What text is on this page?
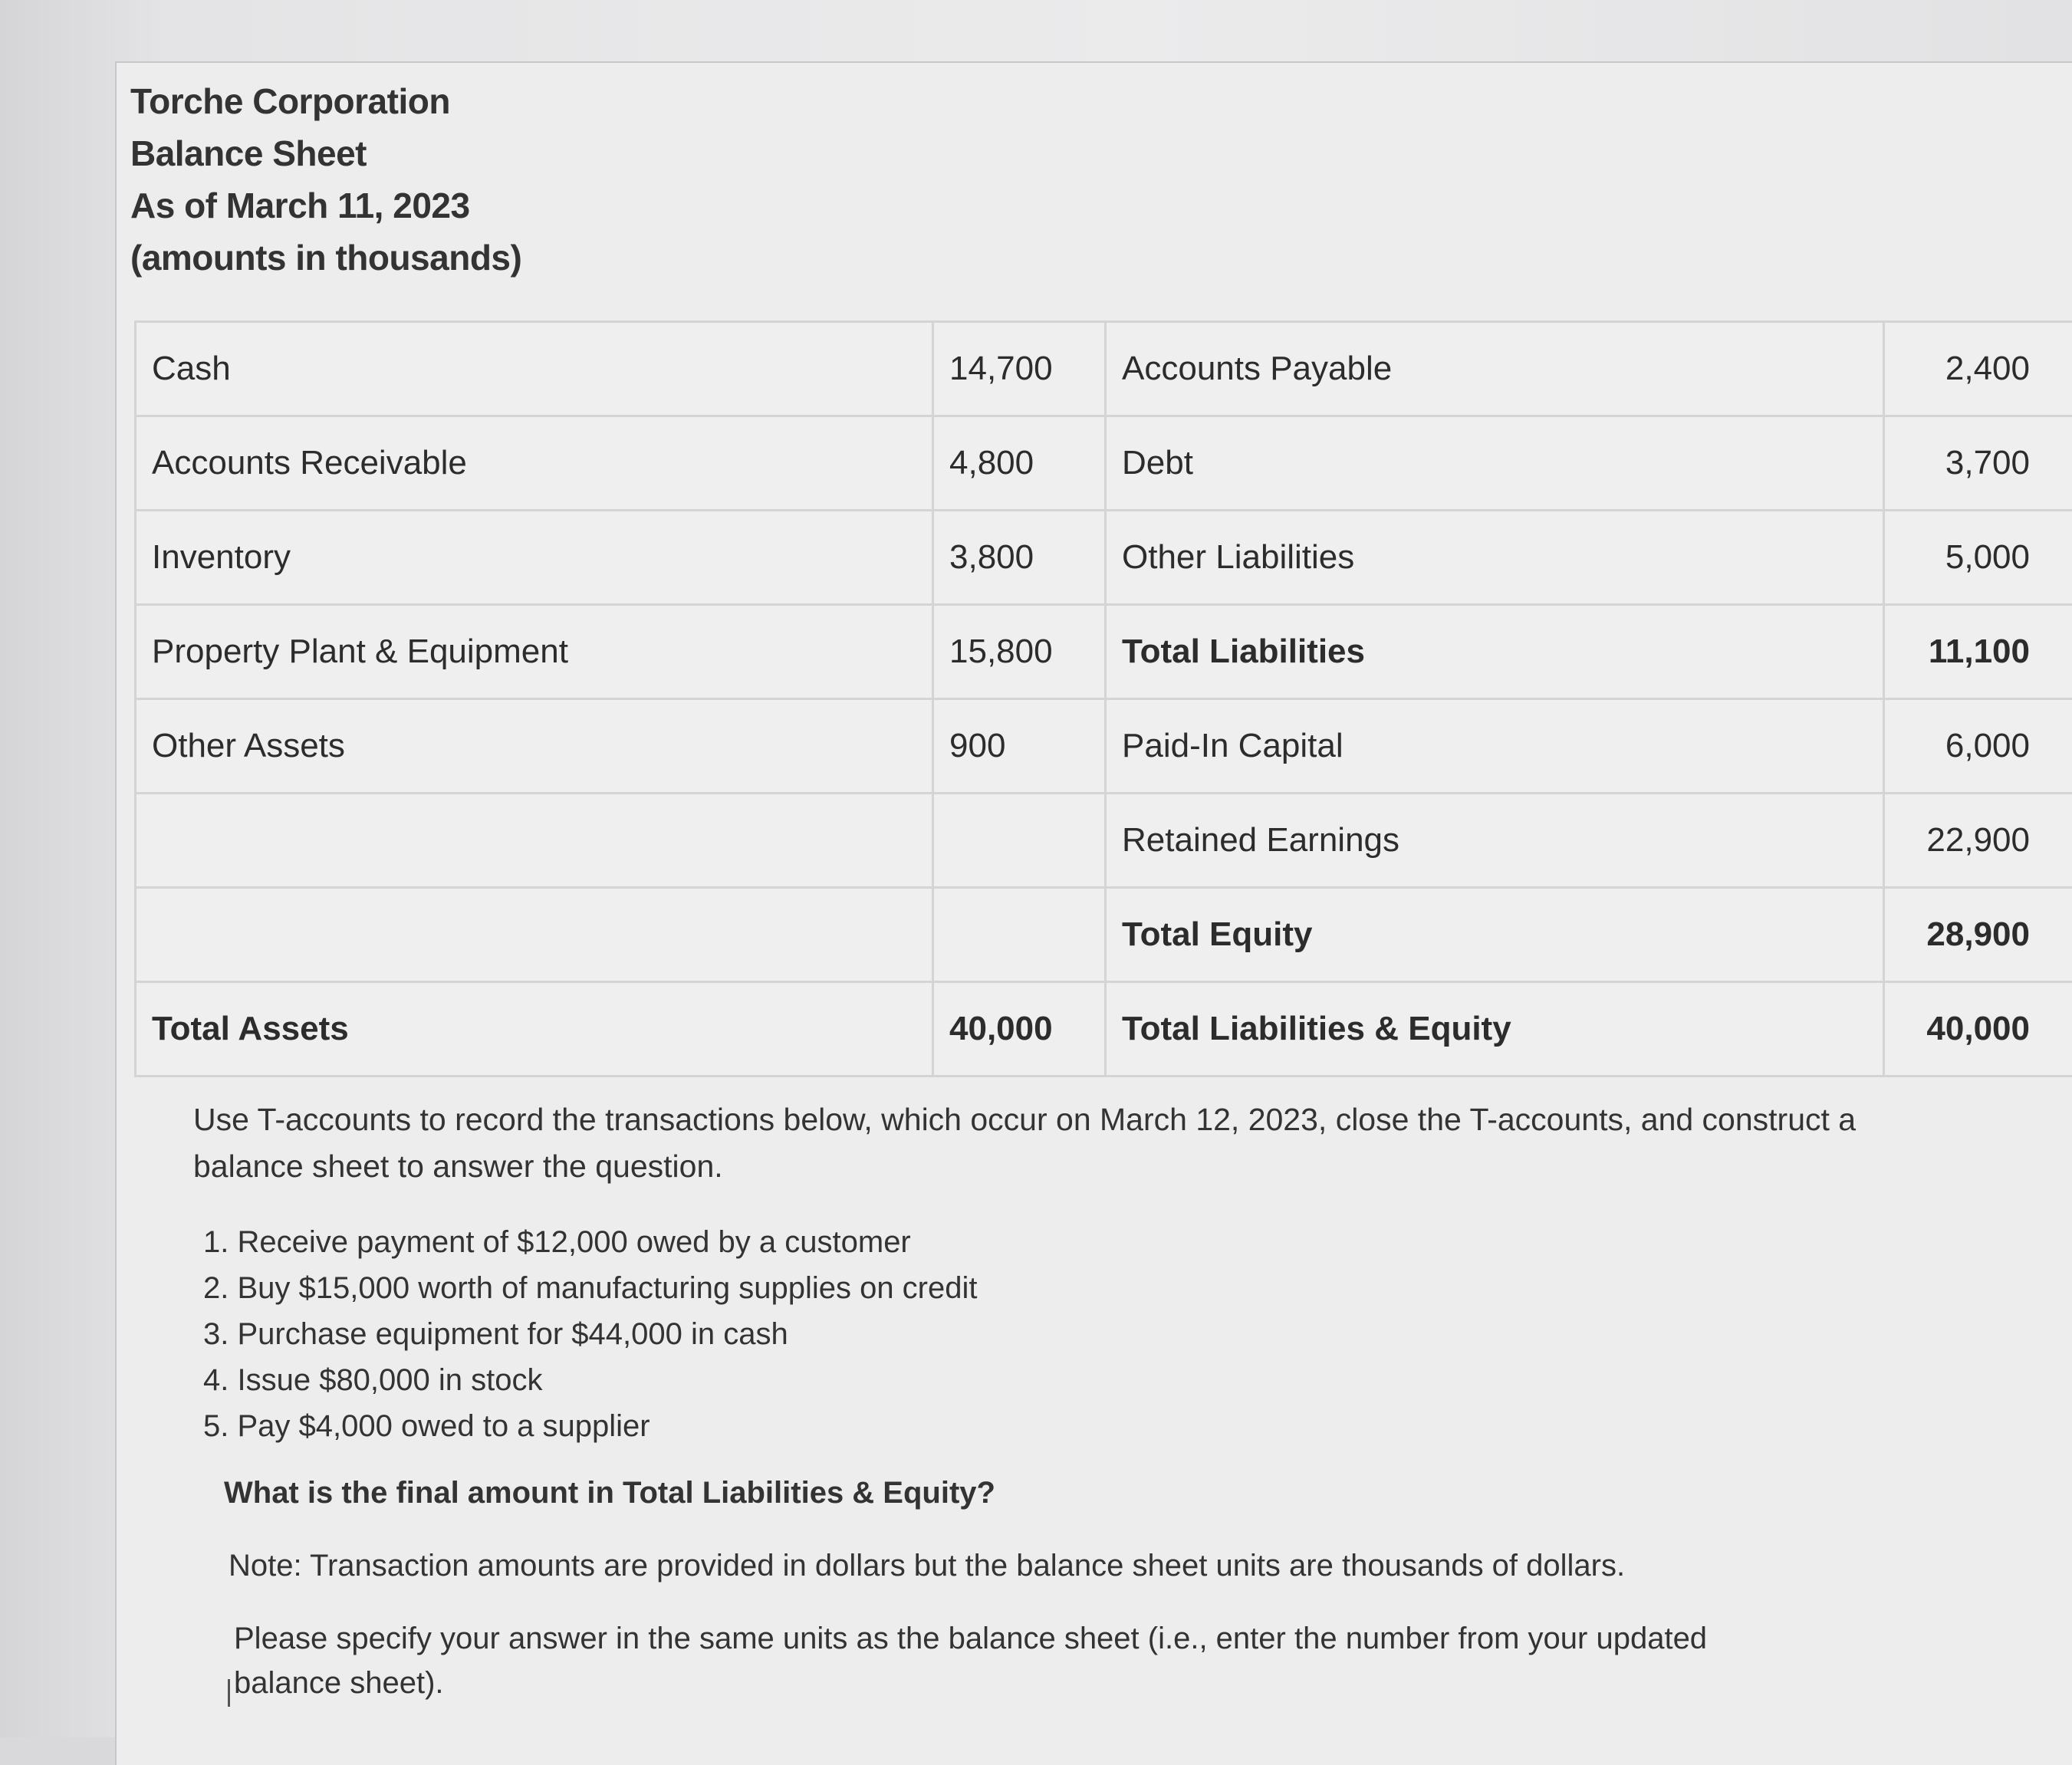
Torche Corporation
Balance Sheet
As of March 11, 2023
(amounts in thousands)
Cash	14,700	Accounts Payable	2,400
Accounts Receivable	4,800	Debt	3,700
Inventory	3,800	Other Liabilities	5,000
Property Plant & Equipment	15,800	Total Liabilities	11,100
Other Assets	900	Paid-In Capital	6,000
		Retained Earnings	22,900
		Total Equity	28,900
Total Assets	40,000	Total Liabilities & Equity	40,000
Use T-accounts to record the transactions below, which occur on March 12, 2023, close the T-accounts, and construct a balance sheet to answer the question.
1. Receive payment of $12,000 owed by a customer
2. Buy $15,000 worth of manufacturing supplies on credit
3. Purchase equipment for $44,000 in cash
4. Issue $80,000 in stock
5. Pay $4,000 owed to a supplier
What is the final amount in Total Liabilities & Equity?
Note: Transaction amounts are provided in dollars but the balance sheet units are thousands of dollars.
Please specify your answer in the same units as the balance sheet (i.e., enter the number from your updated balance sheet).
